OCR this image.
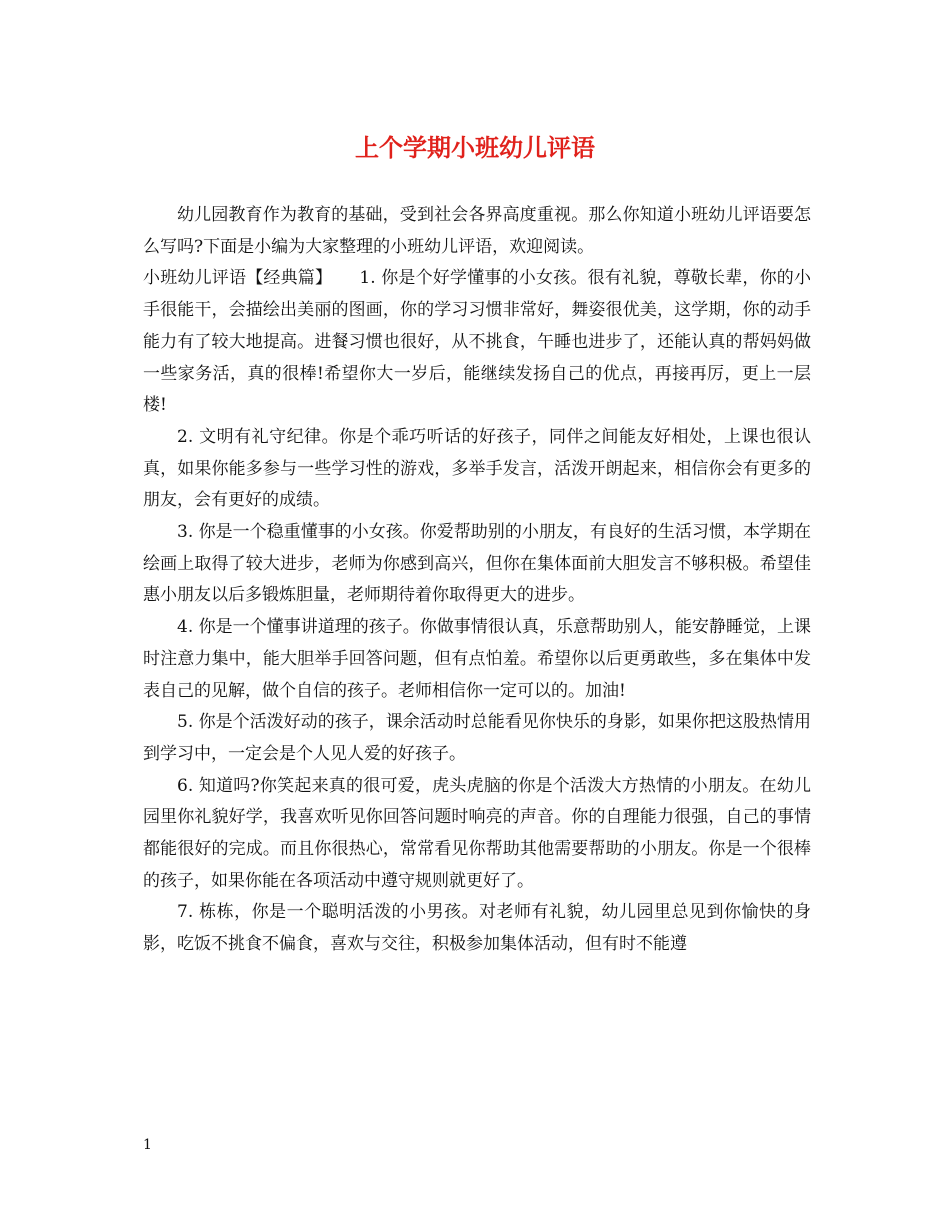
上个学期小班幼儿评语

幼儿园教育作为教育的基础，受到社会各界高度重视。那么你知道小班幼儿评语要怎么写吗?下面是小编为大家整理的小班幼儿评语，欢迎阅读。

小班幼儿评语【经典篇】 1. 你是个好学懂事的小女孩。很有礼貌，尊敬长辈，你的小手很能干，会描绘出美丽的图画，你的学习习惯非常好，舞姿很优美，这学期，你的动手能力有了较大地提高。进餐习惯也很好，从不挑食，午睡也进步了，还能认真的帮妈妈做一些家务活，真的很棒!希望你大一岁后，能继续发扬自己的优点，再接再厉，更上一层楼!

2. 文明有礼守纪律。你是个乖巧听话的好孩子，同伴之间能友好相处，上课也很认真，如果你能多参与一些学习性的游戏，多举手发言，活泼开朗起来，相信你会有更多的朋友，会有更好的成绩。

3. 你是一个稳重懂事的小女孩。你爱帮助别的小朋友，有良好的生活习惯，本学期在绘画上取得了较大进步，老师为你感到高兴，但你在集体面前大胆发言不够积极。希望佳惠小朋友以后多锻炼胆量，老师期待着你取得更大的进步。

4. 你是一个懂事讲道理的孩子。你做事情很认真，乐意帮助别人，能安静睡觉，上课时注意力集中，能大胆举手回答问题，但有点怕羞。希望你以后更勇敢些，多在集体中发表自己的见解，做个自信的孩子。老师相信你一定可以的。加油!

5. 你是个活泼好动的孩子，课余活动时总能看见你快乐的身影，如果你把这股热情用到学习中，一定会是个人见人爱的好孩子。

6. 知道吗?你笑起来真的很可爱，虎头虎脑的你是个活泼大方热情的小朋友。在幼儿园里你礼貌好学，我喜欢听见你回答问题时响亮的声音。你的自理能力很强，自己的事情都能很好的完成。而且你很热心，常常看见你帮助其他需要帮助的小朋友。你是一个很棒的孩子，如果你能在各项活动中遵守规则就更好了。

7. 栋栋，你是一个聪明活泼的小男孩。对老师有礼貌，幼儿园里总见到你愉快的身影，吃饭不挑食不偏食，喜欢与交往，积极参加集体活动，但有时不能遵

1
